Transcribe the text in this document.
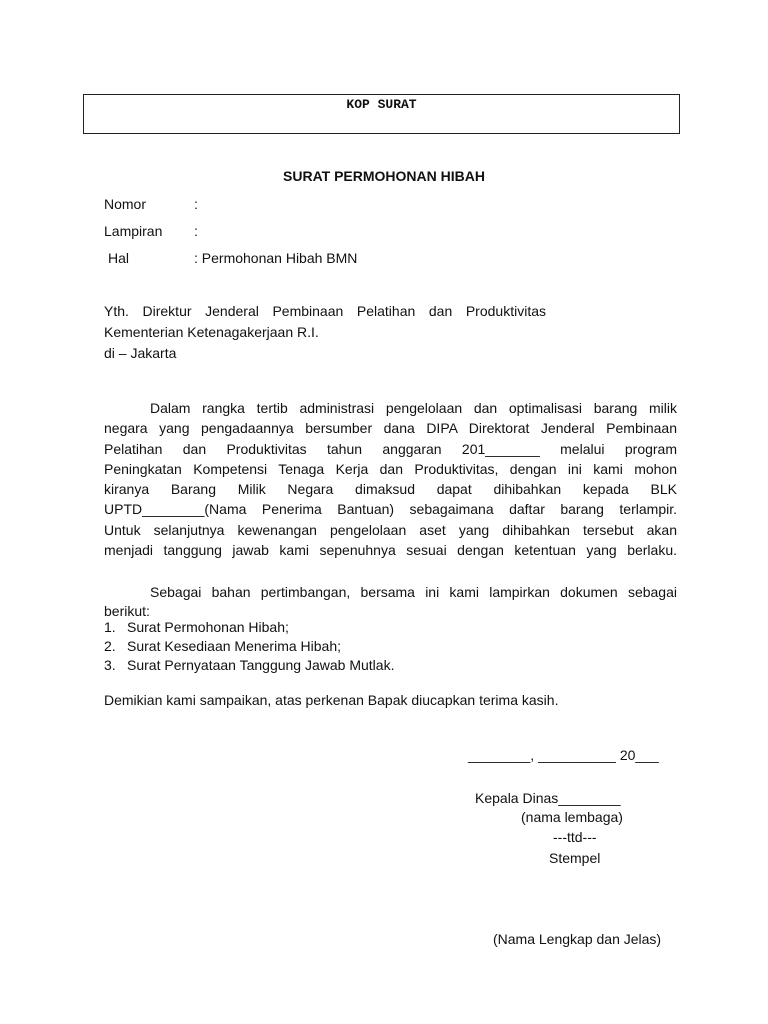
KOP SURAT
SURAT PERMOHONAN HIBAH
Nomor	:
Lampiran :
Hal	: Permohonan Hibah BMN
Yth. Direktur Jenderal Pembinaan Pelatihan dan Produktivitas
Kementerian Ketenagakerjaan R.I.
di – Jakarta
Dalam rangka tertib administrasi pengelolaan dan optimalisasi barang milik
negara yang pengadaannya bersumber dana DIPA Direktorat Jenderal Pembinaan
Pelatihan dan Produktivitas tahun anggaran 201_______ melalui program
Peningkatan Kompetensi Tenaga Kerja dan Produktivitas, dengan ini kami mohon
kiranya Barang Milik Negara dimaksud dapat dihibahkan kepada BLK
UPTD________(Nama Penerima Bantuan) sebagaimana daftar barang terlampir.
Untuk selanjutnya kewenangan pengelolaan aset yang dihibahkan tersebut akan
menjadi tanggung jawab kami sepenuhnya sesuai dengan ketentuan yang berlaku.
Sebagai bahan pertimbangan, bersama ini kami lampirkan dokumen sebagai
berikut:
1. Surat Permohonan Hibah;
2. Surat Kesediaan Menerima Hibah;
3. Surat Pernyataan Tanggung Jawab Mutlak.
Demikian kami sampaikan, atas perkenan Bapak diucapkan terima kasih.
________, __________ 20___
Kepala Dinas________
(nama lembaga)
---ttd---
Stempel
(Nama Lengkap dan Jelas)
